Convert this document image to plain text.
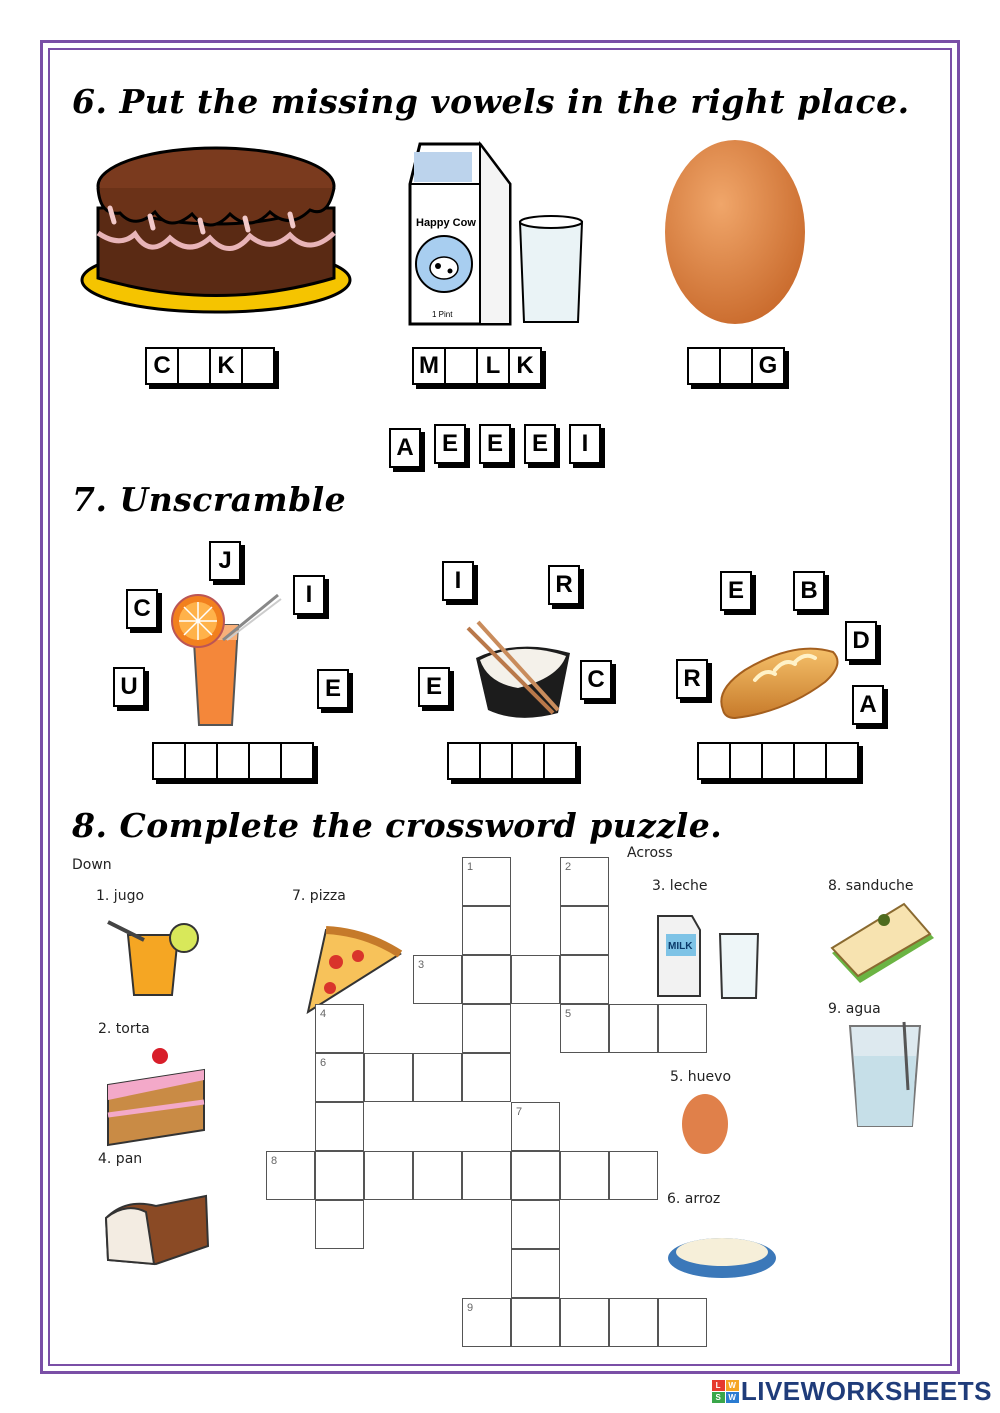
6. Put the missing vowels in the right place.
Happy Cow
1 Pint
C	K	M	L K	G
A	E	E	E	I
7. Unscramble
J
C
I
U	E
I	R
E	C
E	B
D
R
A
8. Complete the crossword puzzle.
Down
Across
1. jugo
2. torta
4. pan
7. pizza
3. leche
5. huevo
6. arroz
8. sanduche
9. agua
MILK
1	2
3
4	5
6
7
8
9
L W
S W LIVEWORKSHEETS
